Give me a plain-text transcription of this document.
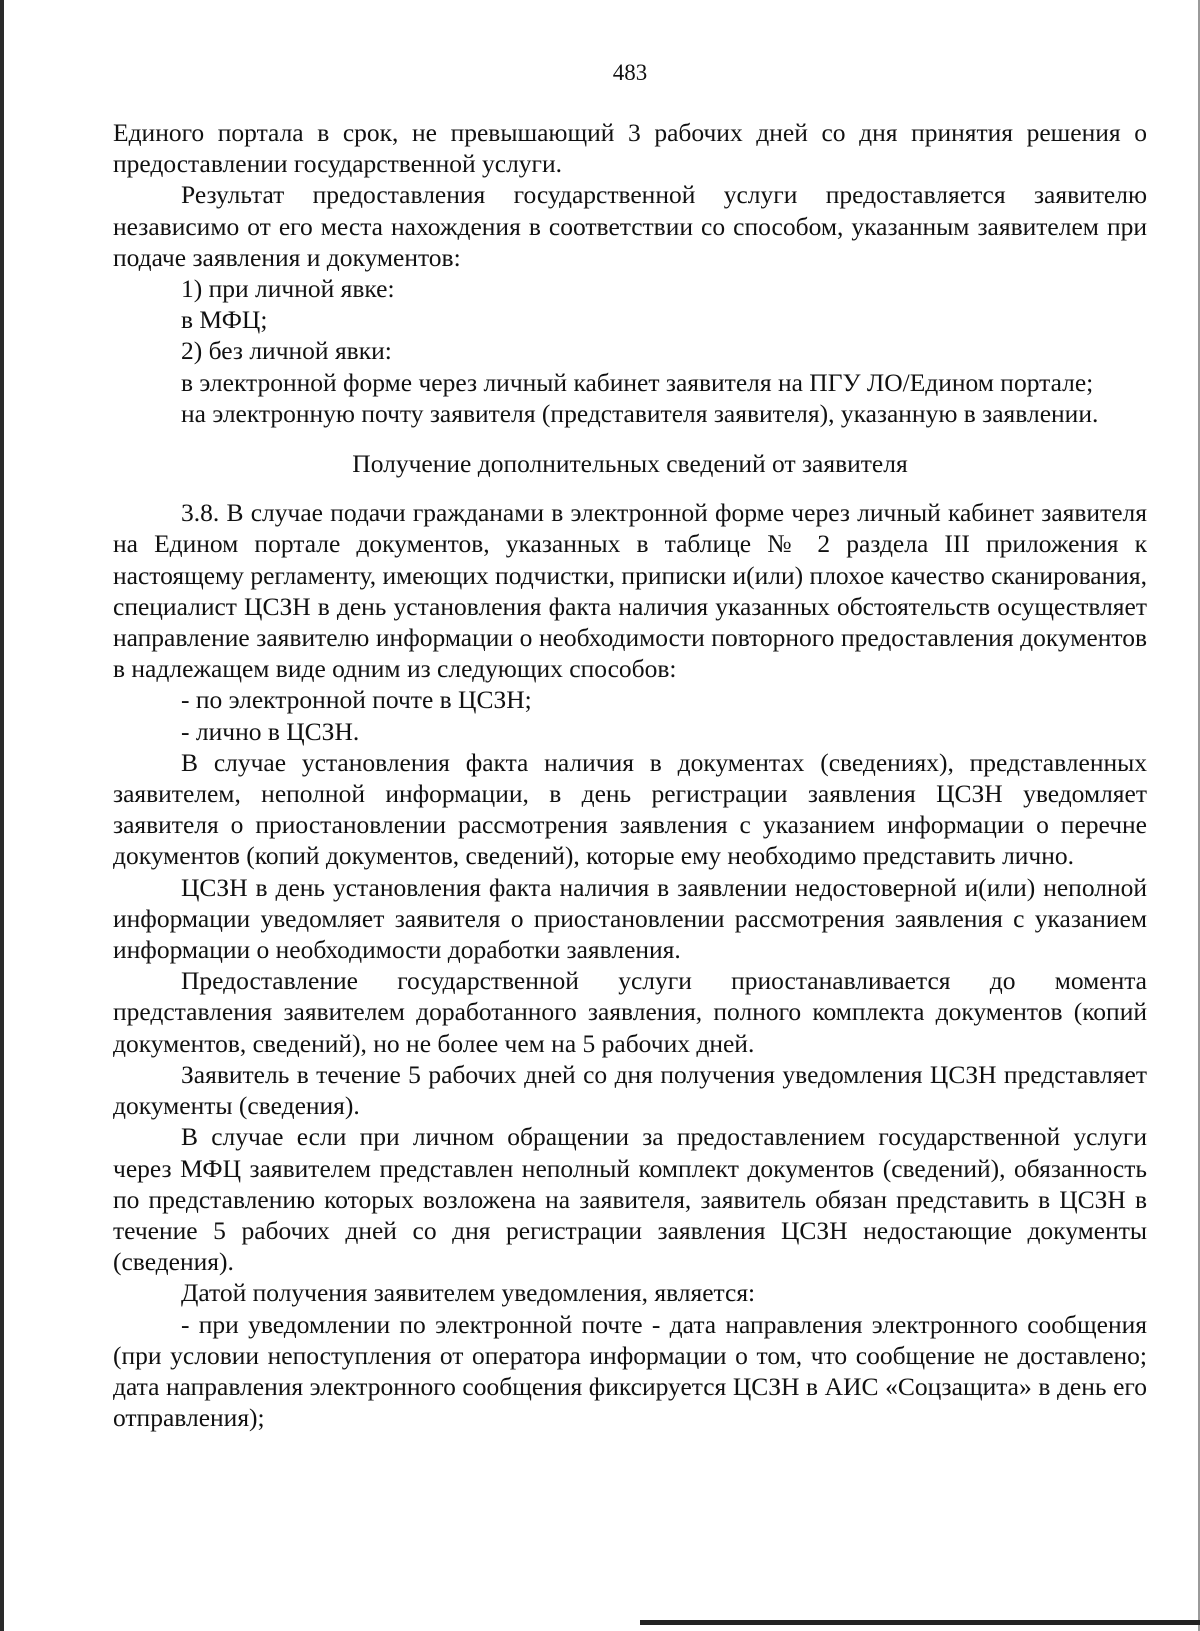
483

Единого портала в срок, не превышающий 3 рабочих дней со дня принятия решения о предоставлении государственной услуги.

Результат предоставления государственной услуги предоставляется заявителю независимо от его места нахождения в соответствии со способом, указанным заявителем при подаче заявления и документов:

1) при личной явке:

в МФЦ;

2) без личной явки:

в электронной форме через личный кабинет заявителя на ПГУ ЛО/Едином портале;

на электронную почту заявителя (представителя заявителя), указанную в заявлении.

Получение дополнительных сведений от заявителя

3.8. В случае подачи гражданами в электронной форме через личный кабинет заявителя на Едином портале документов, указанных в таблице № 2 раздела III приложения к настоящему регламенту, имеющих подчистки, приписки и(или) плохое качество сканирования, специалист ЦСЗН в день установления факта наличия указанных обстоятельств осуществляет направление заявителю информации о необходимости повторного предоставления документов в надлежащем виде одним из следующих способов:

- по электронной почте в ЦСЗН;

- лично в ЦСЗН.

В случае установления факта наличия в документах (сведениях), представленных заявителем, неполной информации, в день регистрации заявления ЦСЗН уведомляет заявителя о приостановлении рассмотрения заявления с указанием информации о перечне документов (копий документов, сведений), которые ему необходимо представить лично.

ЦСЗН в день установления факта наличия в заявлении недостоверной и(или) неполной информации уведомляет заявителя о приостановлении рассмотрения заявления с указанием информации о необходимости доработки заявления.

Предоставление государственной услуги приостанавливается до момента представления заявителем доработанного заявления, полного комплекта документов (копий документов, сведений), но не более чем на 5 рабочих дней.

Заявитель в течение 5 рабочих дней со дня получения уведомления ЦСЗН представляет документы (сведения).

В случае если при личном обращении за предоставлением государственной услуги через МФЦ заявителем представлен неполный комплект документов (сведений), обязанность по представлению которых возложена на заявителя, заявитель обязан представить в ЦСЗН в течение 5 рабочих дней со дня регистрации заявления ЦСЗН недостающие документы (сведения).

Датой получения заявителем уведомления, является:

- при уведомлении по электронной почте - дата направления электронного сообщения (при условии непоступления от оператора информации о том, что сообщение не доставлено; дата направления электронного сообщения фиксируется ЦСЗН в АИС «Соцзащита» в день его отправления);
